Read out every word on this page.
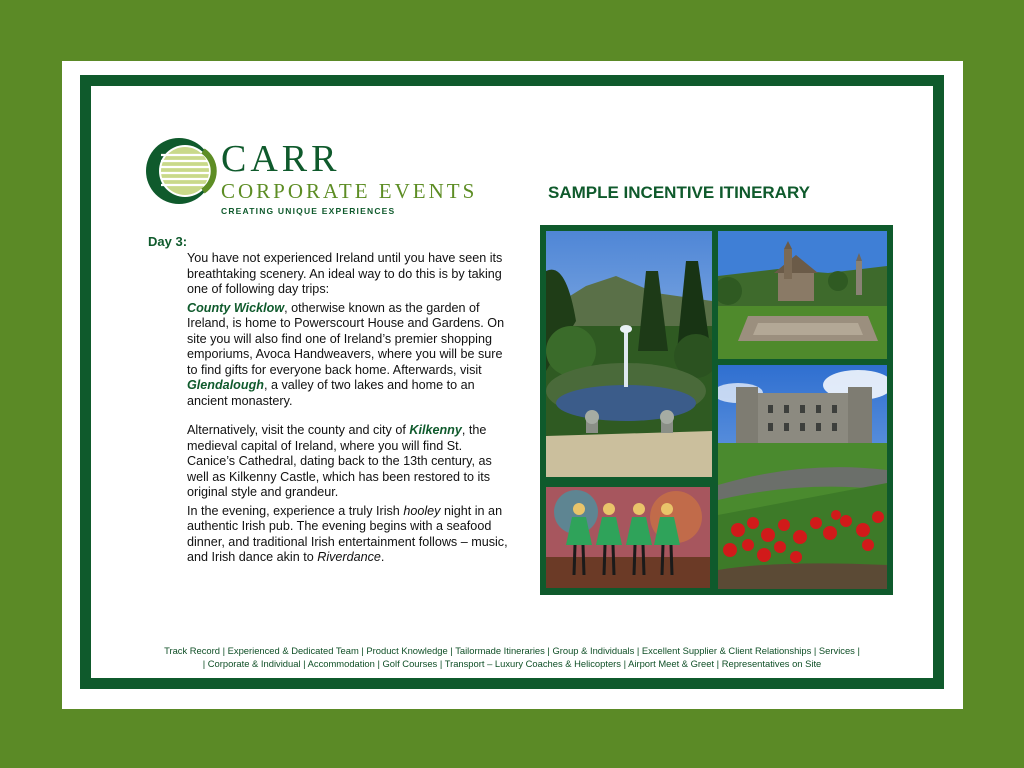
CARR
CORPORATE EVENTS
CREATING UNIQUE EXPERIENCES
SAMPLE INCENTIVE ITINERARY
Day 3:

You have not experienced Ireland until you have seen its breathtaking scenery. An ideal way to do this is by taking one of following day trips:

County Wicklow, otherwise known as the garden of Ireland, is home to Powerscourt House and Gardens. On site you will also find one of Ireland’s premier shopping emporiums, Avoca Handweavers, where you will be sure to find gifts for everyone back home. Afterwards, visit Glendalough, a valley of two lakes and home to an ancient monastery.

Alternatively, visit the county and city of Kilkenny, the medieval capital of Ireland, where you will find St. Canice’s Cathedral, dating back to the 13th century, as well as Kilkenny Castle, which has been restored to its original style and grandeur.

In the evening, experience a truly Irish hooley night in an authentic Irish pub. The evening begins with a seafood dinner, and traditional Irish entertainment follows – music, and Irish dance akin to Riverdance.

Track Record | Experienced & Dedicated Team | Product Knowledge | Tailormade Itineraries | Group & Individuals | Excellent Supplier & Client Relationships | Services |
| Corporate & Individual | Accommodation | Golf Courses | Transport – Luxury Coaches & Helicopters | Airport Meet & Greet | Representatives on Site
